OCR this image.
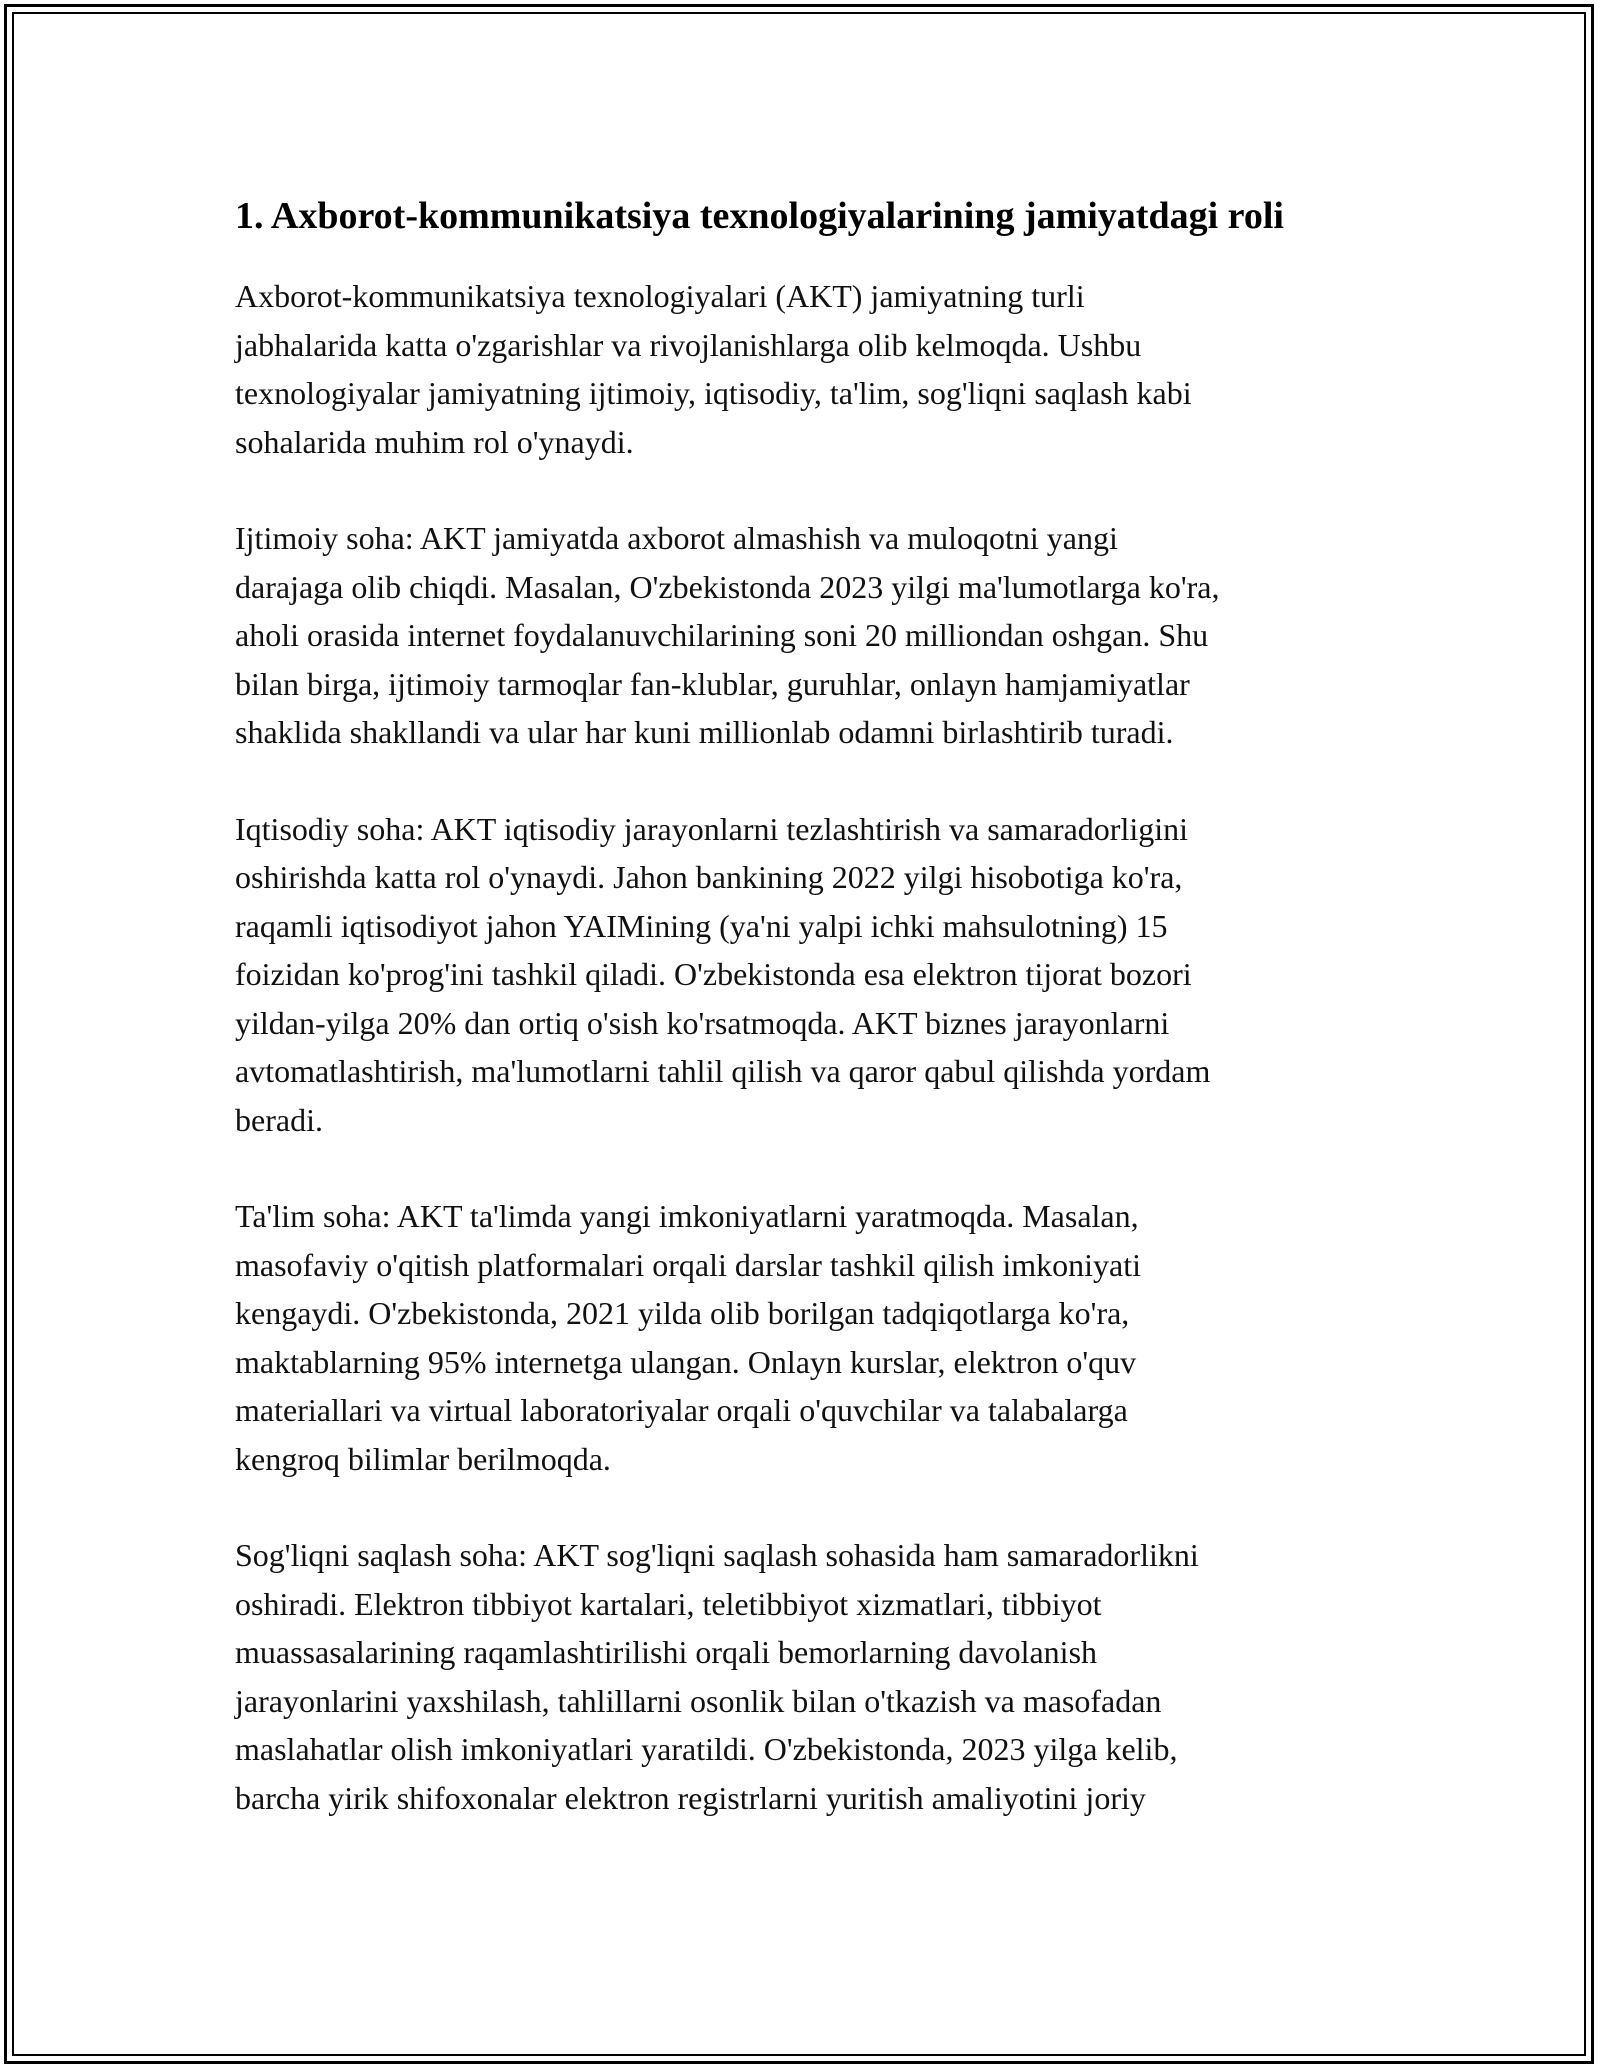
1. Axborot-kommunikatsiya texnologiyalarining jamiyatdagi roli

Axborot-kommunikatsiya texnologiyalari (AKT) jamiyatning turli
jabhalarida katta o'zgarishlar va rivojlanishlarga olib kelmoqda. Ushbu
texnologiyalar jamiyatning ijtimoiy, iqtisodiy, ta'lim, sog'liqni saqlash kabi
sohalarida muhim rol o'ynaydi.

Ijtimoiy soha: AKT jamiyatda axborot almashish va muloqotni yangi
darajaga olib chiqdi. Masalan, O'zbekistonda 2023 yilgi ma'lumotlarga ko'ra,
aholi orasida internet foydalanuvchilarining soni 20 milliondan oshgan. Shu
bilan birga, ijtimoiy tarmoqlar fan-klublar, guruhlar, onlayn hamjamiyatlar
shaklida shakllandi va ular har kuni millionlab odamni birlashtirib turadi.

Iqtisodiy soha: AKT iqtisodiy jarayonlarni tezlashtirish va samaradorligini
oshirishda katta rol o'ynaydi. Jahon bankining 2022 yilgi hisobotiga ko'ra,
raqamli iqtisodiyot jahon YAIMining (ya'ni yalpi ichki mahsulotning) 15
foizidan ko'prog'ini tashkil qiladi. O'zbekistonda esa elektron tijorat bozori
yildan-yilga 20% dan ortiq o'sish ko'rsatmoqda. AKT biznes jarayonlarni
avtomatlashtirish, ma'lumotlarni tahlil qilish va qaror qabul qilishda yordam
beradi.

Ta'lim soha: AKT ta'limda yangi imkoniyatlarni yaratmoqda. Masalan,
masofaviy o'qitish platformalari orqali darslar tashkil qilish imkoniyati
kengaydi. O'zbekistonda, 2021 yilda olib borilgan tadqiqotlarga ko'ra,
maktablarning 95% internetga ulangan. Onlayn kurslar, elektron o'quv
materiallari va virtual laboratoriyalar orqali o'quvchilar va talabalarga
kengroq bilimlar berilmoqda.

Sog'liqni saqlash soha: AKT sog'liqni saqlash sohasida ham samaradorlikni
oshiradi. Elektron tibbiyot kartalari, teletibbiyot xizmatlari, tibbiyot
muassasalarining raqamlashtirilishi orqali bemorlarning davolanish
jarayonlarini yaxshilash, tahlillarni osonlik bilan o'tkazish va masofadan
maslahatlar olish imkoniyatlari yaratildi. O'zbekistonda, 2023 yilga kelib,
barcha yirik shifoxonalar elektron registrlarni yuritish amaliyotini joriy
